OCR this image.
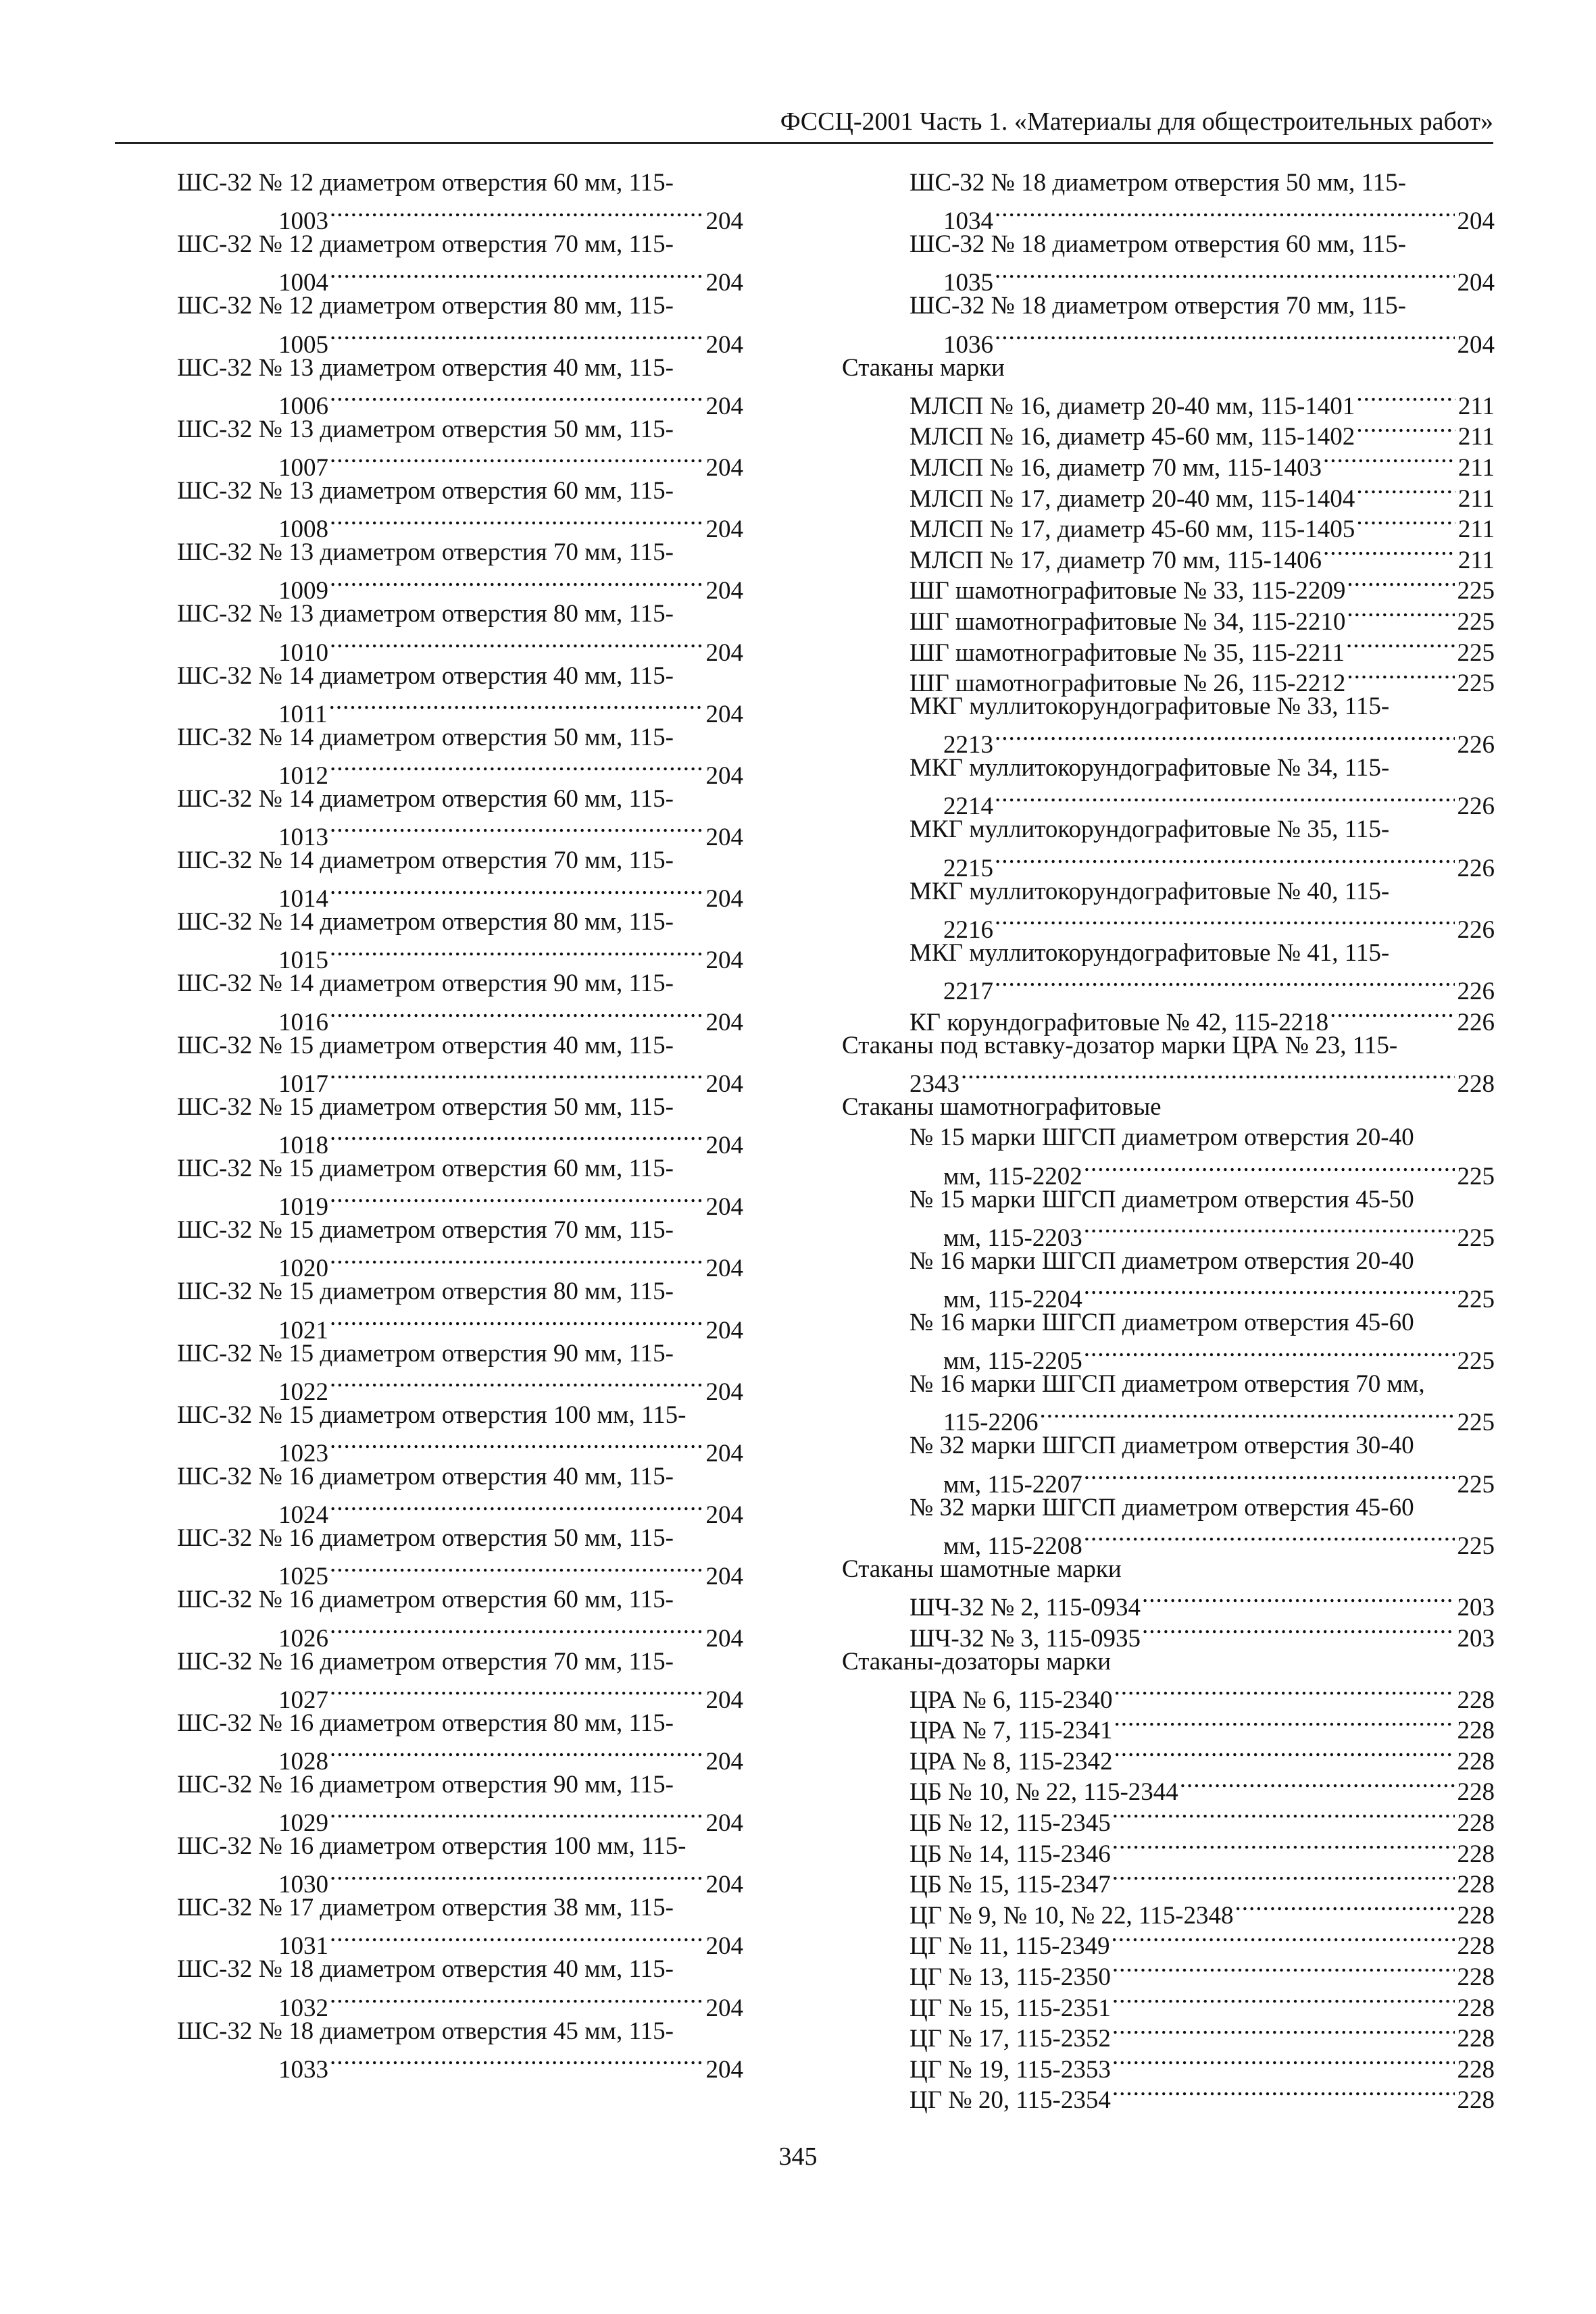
ФССЦ-2001 Часть 1. «Материалы для общестроительных работ»
ШС-32 № 12 диаметром отверстия 60 мм, 115-
1003 .....	204
ШС-32 № 12 диаметром отверстия 70 мм, 115-
1004 .....	204
ШС-32 № 12 диаметром отверстия 80 мм, 115-
1005 .....	204
ШС-32 № 13 диаметром отверстия 40 мм, 115-
1006 .....	204
ШС-32 № 13 диаметром отверстия 50 мм, 115-
1007 .....	204
ШС-32 № 13 диаметром отверстия 60 мм, 115-
1008 .....	204
ШС-32 № 13 диаметром отверстия 70 мм, 115-
1009 .....	204
ШС-32 № 13 диаметром отверстия 80 мм, 115-
1010 .....	204
ШС-32 № 14 диаметром отверстия 40 мм, 115-
1011 .....	204
ШС-32 № 14 диаметром отверстия 50 мм, 115-
1012 .....	204
ШС-32 № 14 диаметром отверстия 60 мм, 115-
1013 .....	204
ШС-32 № 14 диаметром отверстия 70 мм, 115-
1014 .....	204
ШС-32 № 14 диаметром отверстия 80 мм, 115-
1015 .....	204
ШС-32 № 14 диаметром отверстия 90 мм, 115-
1016 .....	204
ШС-32 № 15 диаметром отверстия 40 мм, 115-
1017 .....	204
ШС-32 № 15 диаметром отверстия 50 мм, 115-
1018 .....	204
ШС-32 № 15 диаметром отверстия 60 мм, 115-
1019 .....	204
ШС-32 № 15 диаметром отверстия 70 мм, 115-
1020 .....	204
ШС-32 № 15 диаметром отверстия 80 мм, 115-
1021 .....	204
ШС-32 № 15 диаметром отверстия 90 мм, 115-
1022 .....	204
ШС-32 № 15 диаметром отверстия 100 мм, 115-
1023 .....	204
ШС-32 № 16 диаметром отверстия 40 мм, 115-
1024 .....	204
ШС-32 № 16 диаметром отверстия 50 мм, 115-
1025 .....	204
ШС-32 № 16 диаметром отверстия 60 мм, 115-
1026 .....	204
ШС-32 № 16 диаметром отверстия 70 мм, 115-
1027 .....	204
ШС-32 № 16 диаметром отверстия 80 мм, 115-
1028 .....	204
ШС-32 № 16 диаметром отверстия 90 мм, 115-
1029 .....	204
ШС-32 № 16 диаметром отверстия 100 мм, 115-
1030 .....	204
ШС-32 № 17 диаметром отверстия 38 мм, 115-
1031 .....	204
ШС-32 № 18 диаметром отверстия 40 мм, 115-
1032 .....	204
ШС-32 № 18 диаметром отверстия 45 мм, 115-
1033 .....	204
ШС-32 № 18 диаметром отверстия 50 мм, 115-
1034 .....	204
ШС-32 № 18 диаметром отверстия 60 мм, 115-
1035 .....	204
ШС-32 № 18 диаметром отверстия 70 мм, 115-
1036 .....	204
Стаканы марки
МЛСП № 16, диаметр 20-40 мм, 115-1401 .....	211
МЛСП № 16, диаметр 45-60 мм, 115-1402 .....	211
МЛСП № 16, диаметр 70 мм, 115-1403 .....	211
МЛСП № 17, диаметр 20-40 мм, 115-1404 .....	211
МЛСП № 17, диаметр 45-60 мм, 115-1405 .....	211
МЛСП № 17, диаметр 70 мм, 115-1406 .....	211
ШГ шамотнографитовые № 33, 115-2209 .....	225
ШГ шамотнографитовые № 34, 115-2210 .....	225
ШГ шамотнографитовые № 35, 115-2211 .....	225
ШГ шамотнографитовые № 26, 115-2212 .....	225
МКГ муллитокорундографитовые № 33, 115-
2213 .....	226
МКГ муллитокорундографитовые № 34, 115-
2214 .....	226
МКГ муллитокорундографитовые № 35, 115-
2215 .....	226
МКГ муллитокорундографитовые № 40, 115-
2216 .....	226
МКГ муллитокорундографитовые № 41, 115-
2217 .....	226
КГ корундографитовые № 42, 115-2218 .....	226
Стаканы под вставку-дозатор марки ЦРА № 23, 115-
2343 .....	228
Стаканы шамотнографитовые
№ 15 марки ШГСП диаметром отверстия 20-40
мм, 115-2202 .....	225
№ 15 марки ШГСП диаметром отверстия 45-50
мм, 115-2203 .....	225
№ 16 марки ШГСП диаметром отверстия 20-40
мм, 115-2204 .....	225
№ 16 марки ШГСП диаметром отверстия 45-60
мм, 115-2205 .....	225
№ 16 марки ШГСП диаметром отверстия 70 мм,
115-2206 .....	225
№ 32 марки ШГСП диаметром отверстия 30-40
мм, 115-2207 .....	225
№ 32 марки ШГСП диаметром отверстия 45-60
мм, 115-2208 .....	225
Стаканы шамотные марки
ШЧ-32 № 2, 115-0934 .....	203
ШЧ-32 № 3, 115-0935 .....	203
Стаканы-дозаторы марки
ЦРА № 6, 115-2340 .....	228
ЦРА № 7, 115-2341 .....	228
ЦРА № 8, 115-2342 .....	228
ЦБ № 10, № 22, 115-2344 .....	228
ЦБ № 12, 115-2345 .....	228
ЦБ № 14, 115-2346 .....	228
ЦБ № 15, 115-2347 .....	228
ЦГ № 9, № 10, № 22, 115-2348 .....	228
ЦГ № 11, 115-2349 .....	228
ЦГ № 13, 115-2350 .....	228
ЦГ № 15, 115-2351 .....	228
ЦГ № 17, 115-2352 .....	228
ЦГ № 19, 115-2353 .....	228
ЦГ № 20, 115-2354 .....	228
345
